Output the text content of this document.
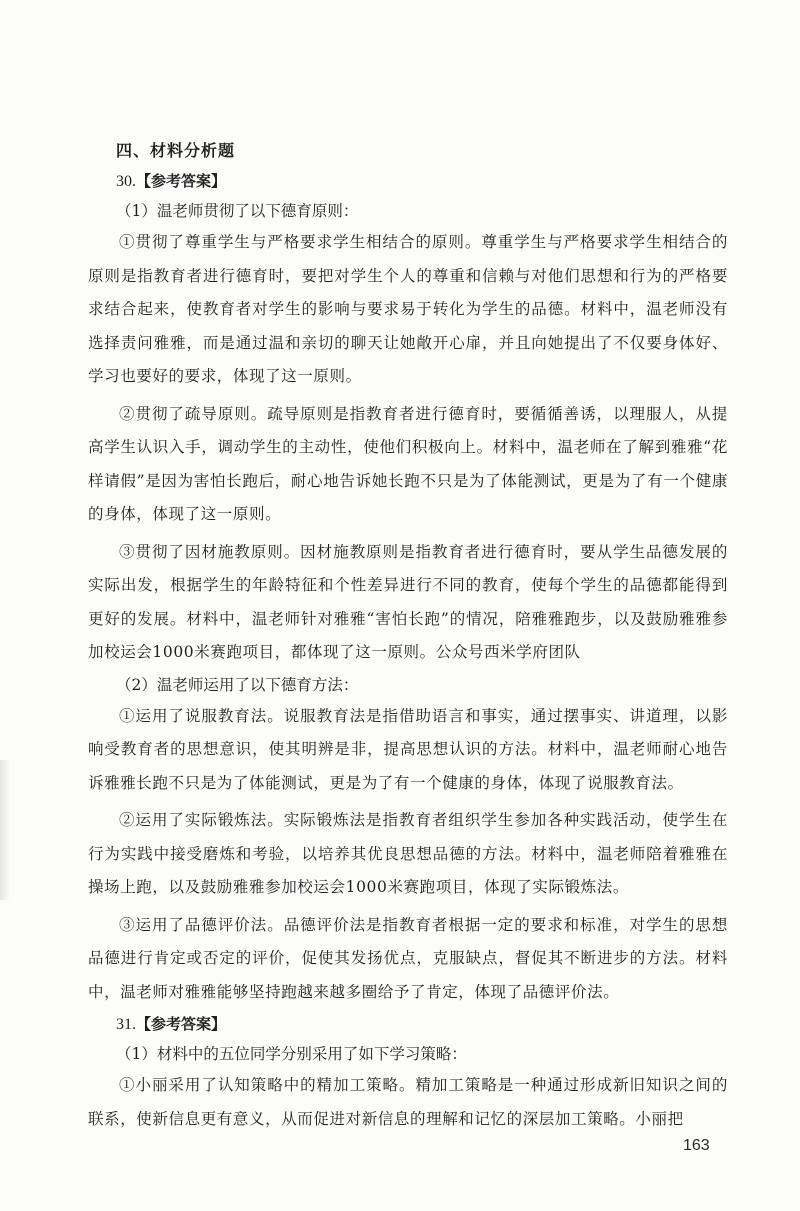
四、材料分析题
30.【参考答案】
（1）温老师贯彻了以下德育原则：

①贯彻了尊重学生与严格要求学生相结合的原则。尊重学生与严格要求学生相结合的原则是指教育者进行德育时，要把对学生个人的尊重和信赖与对他们思想和行为的严格要求结合起来，使教育者对学生的影响与要求易于转化为学生的品德。材料中，温老师没有选择责问雅雅，而是通过温和亲切的聊天让她敞开心扉，并且向她提出了不仅要身体好、学习也要好的要求，体现了这一原则。

②贯彻了疏导原则。疏导原则是指教育者进行德育时，要循循善诱，以理服人，从提高学生认识入手，调动学生的主动性，使他们积极向上。材料中，温老师在了解到雅雅“花样请假”是因为害怕长跑后，耐心地告诉她长跑不只是为了体能测试，更是为了有一个健康的身体，体现了这一原则。

③贯彻了因材施教原则。因材施教原则是指教育者进行德育时，要从学生品德发展的实际出发，根据学生的年龄特征和个性差异进行不同的教育，使每个学生的品德都能得到更好的发展。材料中，温老师针对雅雅“害怕长跑”的情况，陪雅雅跑步，以及鼓励雅雅参加校运会1000米赛跑项目，都体现了这一原则。公众号西米学府团队

（2）温老师运用了以下德育方法：

①运用了说服教育法。说服教育法是指借助语言和事实，通过摆事实、讲道理，以影响受教育者的思想意识，使其明辨是非，提高思想认识的方法。材料中，温老师耐心地告诉雅雅长跑不只是为了体能测试，更是为了有一个健康的身体，体现了说服教育法。

②运用了实际锻炼法。实际锻炼法是指教育者组织学生参加各种实践活动，使学生在行为实践中接受磨炼和考验，以培养其优良思想品德的方法。材料中，温老师陪着雅雅在操场上跑，以及鼓励雅雅参加校运会1000米赛跑项目，体现了实际锻炼法。

③运用了品德评价法。品德评价法是指教育者根据一定的要求和标准，对学生的思想品德进行肯定或否定的评价，促使其发扬优点，克服缺点，督促其不断进步的方法。材料中，温老师对雅雅能够坚持跑越来越多圈给予了肯定，体现了品德评价法。

31.【参考答案】
（1）材料中的五位同学分别采用了如下学习策略：

①小丽采用了认知策略中的精加工策略。精加工策略是一种通过形成新旧知识之间的联系，使新信息更有意义，从而促进对新信息的理解和记忆的深层加工策略。小丽把

163
